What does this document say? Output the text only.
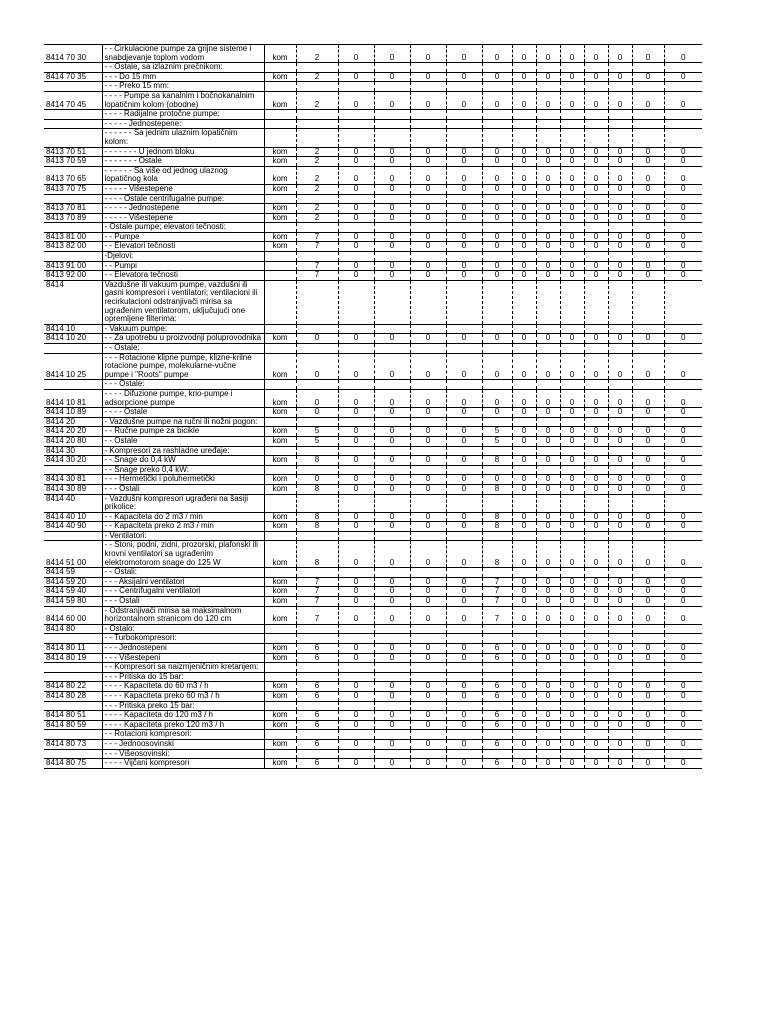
8414 70 30	- - Cirkulacione pumpe za grijne sisteme i snabdjevanje toplom vodom	kom	2	0	0	0	0	0	0	0	0	0	0	0	0
	- - Ostale, sa izlaznim prečnikom:														
8414 70 35	- - - Do 15 mm	kom	2	0	0	0	0	0	0	0	0	0	0	0	0
	- - - Preko 15 mm:														
8414 70 45	- - - - Pumpe sa kanalnim i bočnokanalnim lopatičnim kolom (obodne)	kom	2	0	0	0	0	0	0	0	0	0	0	0	0
	- - - - Radijalne protočne pumpe:														
	- - - - - Jednostepene:														
	- - - - - - Sa jednim ulaznim lopatičnim kolom:														
8413 70 51	- - - - - - - U jednom bloku	kom	2	0	0	0	0	0	0	0	0	0	0	0	0
8413 70 59	- - - - - - - Ostale	kom	2	0	0	0	0	0	0	0	0	0	0	0	0
8413 70 65	- - - - - - Sa više od jednog ulaznog lopatičnog kola	kom	2	0	0	0	0	0	0	0	0	0	0	0	0
8413 70 75	- - - - - Višestepene	kom	2	0	0	0	0	0	0	0	0	0	0	0	0
	- - - - Ostale centrifugalne pumpe:														
8413 70 81	- - - - - Jednostepene	kom	2	0	0	0	0	0	0	0	0	0	0	0	0
8413 70 89	- - - - - Višestepene	kom	2	0	0	0	0	0	0	0	0	0	0	0	0
	- Ostale pumpe; elevatori tečnosti:														
8413 81 00	- - Pumpe	kom	7	0	0	0	0	0	0	0	0	0	0	0	0
8413 82 00	- - Elevatori tečnosti	kom	7	0	0	0	0	0	0	0	0	0	0	0	0
	-Djelovi:														
8413 91 00	- - Pumpi		7	0	0	0	0	0	0	0	0	0	0	0	0
8413 92 00	- - Elevatora tečnosti		7	0	0	0	0	0	0	0	0	0	0	0	0
8414	Vazdušne ili vakuum pumpe, vazdušni ili gasni kompresori i ventilatori; ventilacioni ili recirkulacioni odstranjivači mirisa sa ugrađenim ventilatorom, uključujući one opremljene filterima:														
8414 10	- Vakuum pumpe:														
8414 10 20	- - Za upotrebu u proizvodnji poluprovodnika	kom	0	0	0	0	0	0	0	0	0	0	0	0	0
	- - Ostale:														
8414 10 25	- - - Rotacione klipne pumpe, klizne-krilne rotacione pumpe, molekularne-vučne pumpe i "Roots" pumpe	kom	0	0	0	0	0	0	0	0	0	0	0	0	0
	- - - Ostale:														
8414 10 81	- - - - Difuzione pumpe, krio-pumpe i adsorpcione pumpe	kom	0	0	0	0	0	0	0	0	0	0	0	0	0
8414 10 89	- - - - Ostale	kom	0	0	0	0	0	0	0	0	0	0	0	0	0
8414 20	- Vazdušne pumpe na ručni ili nožni pogon:														
8414 20 20	- - Ručne pumpe za bicikle	kom	5	0	0	0	0	5	0	0	0	0	0	0	0
8414 20 80	- - Ostale	kom	5	0	0	0	0	5	0	0	0	0	0	0	0
8414 30	- Kompresori za rashladne uređaje:														
8414 30 20	- - Snage do 0,4 kW	kom	8	0	0	0	0	8	0	0	0	0	0	0	0
	- - Snage preko 0,4 kW:														
8414 30 81	- - - Hermetički i poluhermetički	kom	0	0	0	0	0	0	0	0	0	0	0	0	0
8414 30 89	- - - Ostali	kom	8	0	0	0	0	8	0	0	0	0	0	0	0
8414 40	- Vazdušni kompresori ugrađeni na šasiji prikolice:														
8414 40 10	- - Kapaciteta do 2 m3 / min	kom	8	0	0	0	0	8	0	0	0	0	0	0	0
8414 40 90	- - Kapaciteta preko 2 m3 / min	kom	8	0	0	0	0	8	0	0	0	0	0	0	0
	- Ventilatori:														
8414 51 00	- - Stoni, podni, zidni, prozorski, plafonski ili krovni ventilatori sa ugrađenim elektromotorom snage do 125 W	kom	8	0	0	0	0	8	0	0	0	0	0	0	0
8414 59	- - Ostali:														
8414 59 20	- - - Aksijalni ventilatori	kom	7	0	0	0	0	7	0	0	0	0	0	0	0
8414 59 40	- - - Centrifugalni ventilatori	kom	7	0	0	0	0	7	0	0	0	0	0	0	0
8414 59 80	- - - Ostali	kom	7	0	0	0	0	7	0	0	0	0	0	0	0
8414 60 00	- Odstranjivači mirisa sa maksimalnom horizontalnom stranicom do 120 cm	kom	7	0	0	0	0	7	0	0	0	0	0	0	0
8414 80	- Ostalo:														
	- - Turbokompresori:														
8414 80 11	- - - Jednostepeni	kom	6	0	0	0	0	6	0	0	0	0	0	0	0
8414 80 19	- - - Višestepeni	kom	6	0	0	0	0	6	0	0	0	0	0	0	0
	- - Kompresori sa naizmjeničnim kretanjem:														
	- - - Pritiska do 15 bar:														
8414 80 22	- - - - Kapaciteta do 60 m3 / h	kom	6	0	0	0	0	6	0	0	0	0	0	0	0
8414 80 28	- - - - Kapaciteta preko 60 m3 / h	kom	6	0	0	0	0	6	0	0	0	0	0	0	0
	- - - Pritiska preko 15 bar:														
8414 80 51	- - - - Kapaciteta do 120 m3 / h	kom	6	0	0	0	0	6	0	0	0	0	0	0	0
8414 80 59	- - - - Kapaciteta preko 120 m3 / h	kom	6	0	0	0	0	6	0	0	0	0	0	0	0
	- - Rotacioni kompresori:														
8414 80 73	- - - Jednoosovinski	kom	6	0	0	0	0	6	0	0	0	0	0	0	0
	- - - Višeosovinski:														
8414 80 75	- - - - Vijčani kompresori	kom	6	0	0	0	0	6	0	0	0	0	0	0	0
